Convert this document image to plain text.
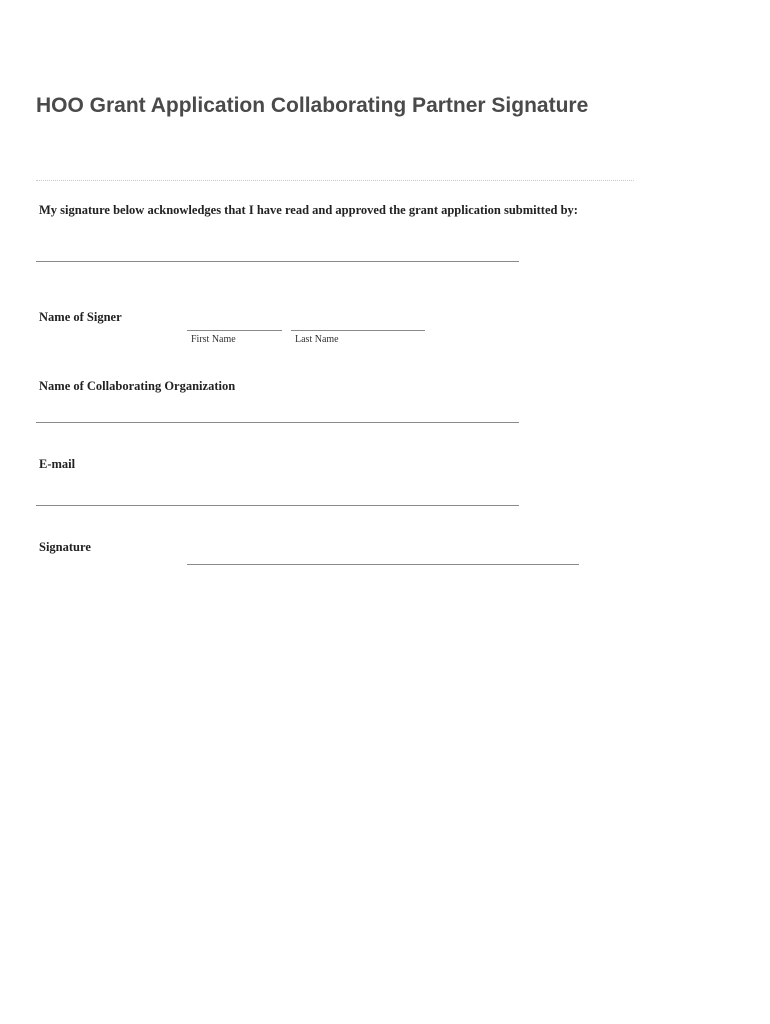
HOO Grant Application Collaborating Partner Signature

My signature below acknowledges that I have read and approved the grant application submitted by:

Name of Signer

First Name	Last Name

Name of Collaborating Organization

E-mail

Signature
